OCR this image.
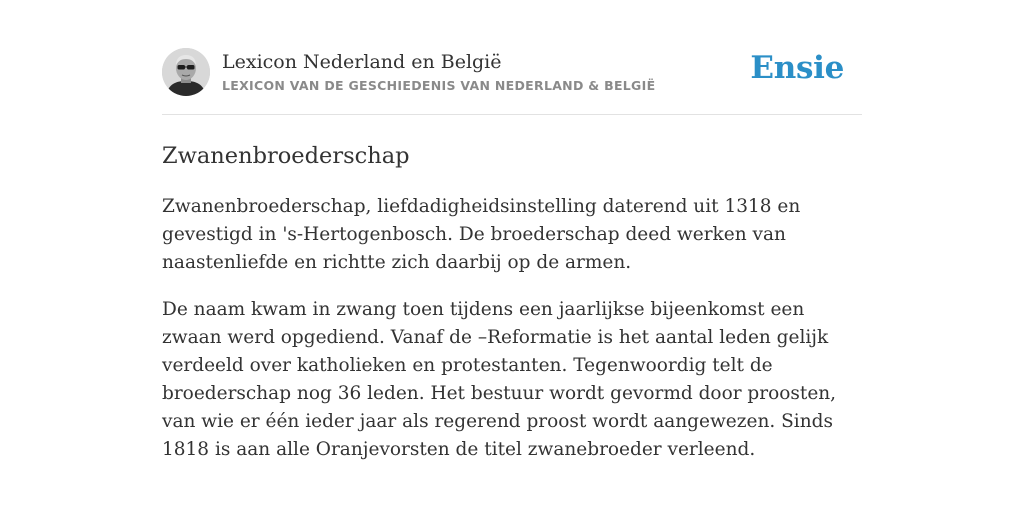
Lexicon Nederland en België
LEXICON VAN DE GESCHIEDENIS VAN NEDERLAND & BELGIË	Ensie
Zwanenbroederschap

Zwanenbroederschap, liefdadigheidsinstelling daterend uit 1318 en gevestigd in 's-Hertogenbosch. De broederschap deed werken van naastenliefde en richtte zich daarbij op de armen.

De naam kwam in zwang toen tijdens een jaarlijkse bijeenkomst een zwaan werd opgediend. Vanaf de –Reformatie is het aantal leden gelijk verdeeld over katholieken en protestanten. Tegenwoordig telt de broederschap nog 36 leden. Het bestuur wordt gevormd door proosten, van wie er één ieder jaar als regerend proost wordt aangewezen. Sinds 1818 is aan alle Oranjevorsten de titel zwanebroeder verleend.
